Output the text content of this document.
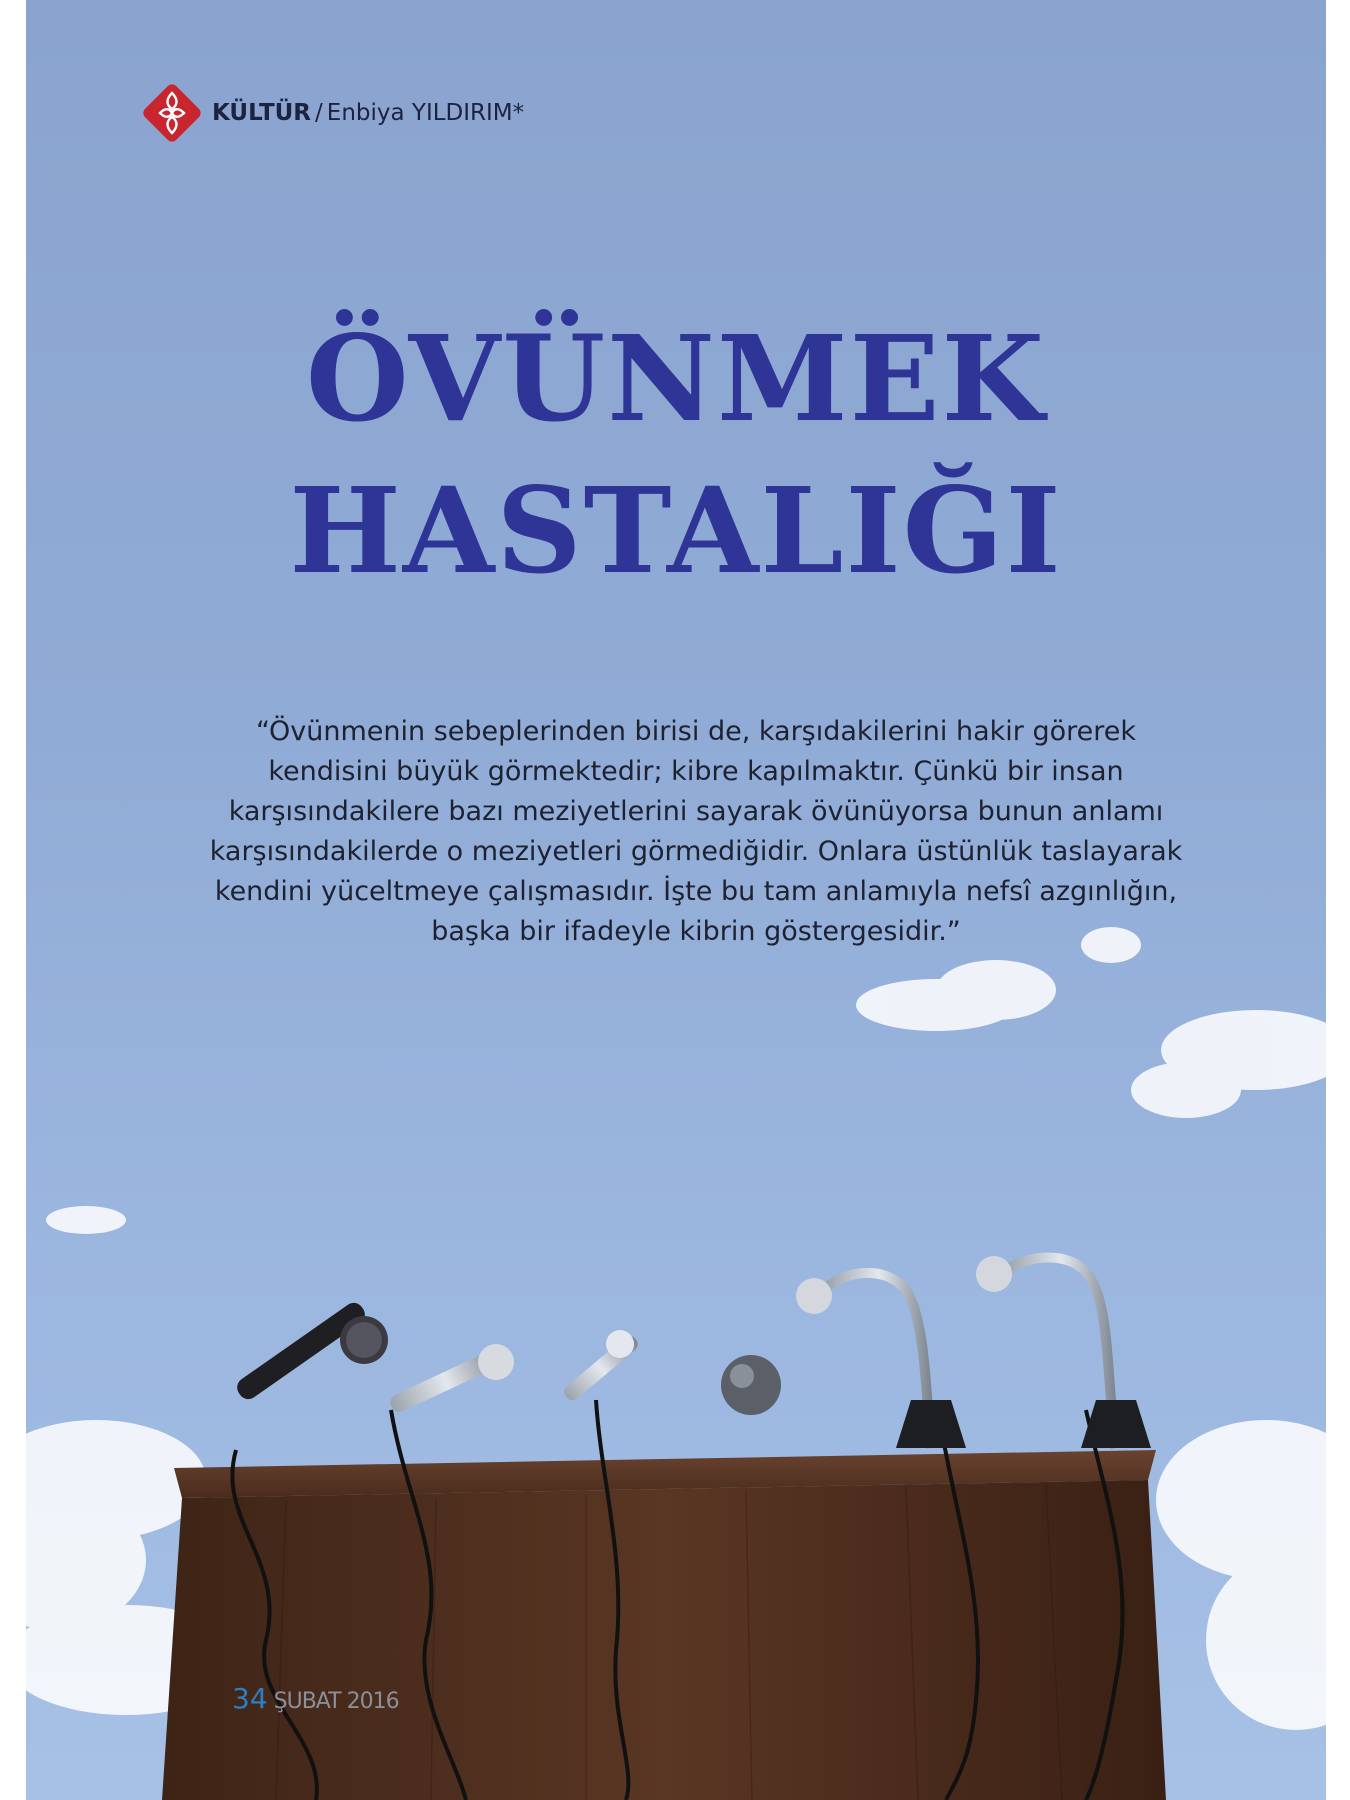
KÜLTÜR / Enbiya YILDIRIM*
ÖVÜNMEK
HASTALIĞI

“Övünmenin sebeplerinden birisi de, karşıdakilerini hakir görerek kendisini büyük görmektedir; kibre kapılmaktır. Çünkü bir insan karşısındakilere bazı meziyetlerini sayarak övünüyorsa bunun anlamı karşısındakilerde o meziyetleri görmediğidir. Onlara üstünlük taslayarak kendini yüceltmeye çalışmasıdır. İşte bu tam anlamıyla nefsî azgınlığın, başka bir ifadeyle kibrin göstergesidir.”

34 ŞUBAT 2016
